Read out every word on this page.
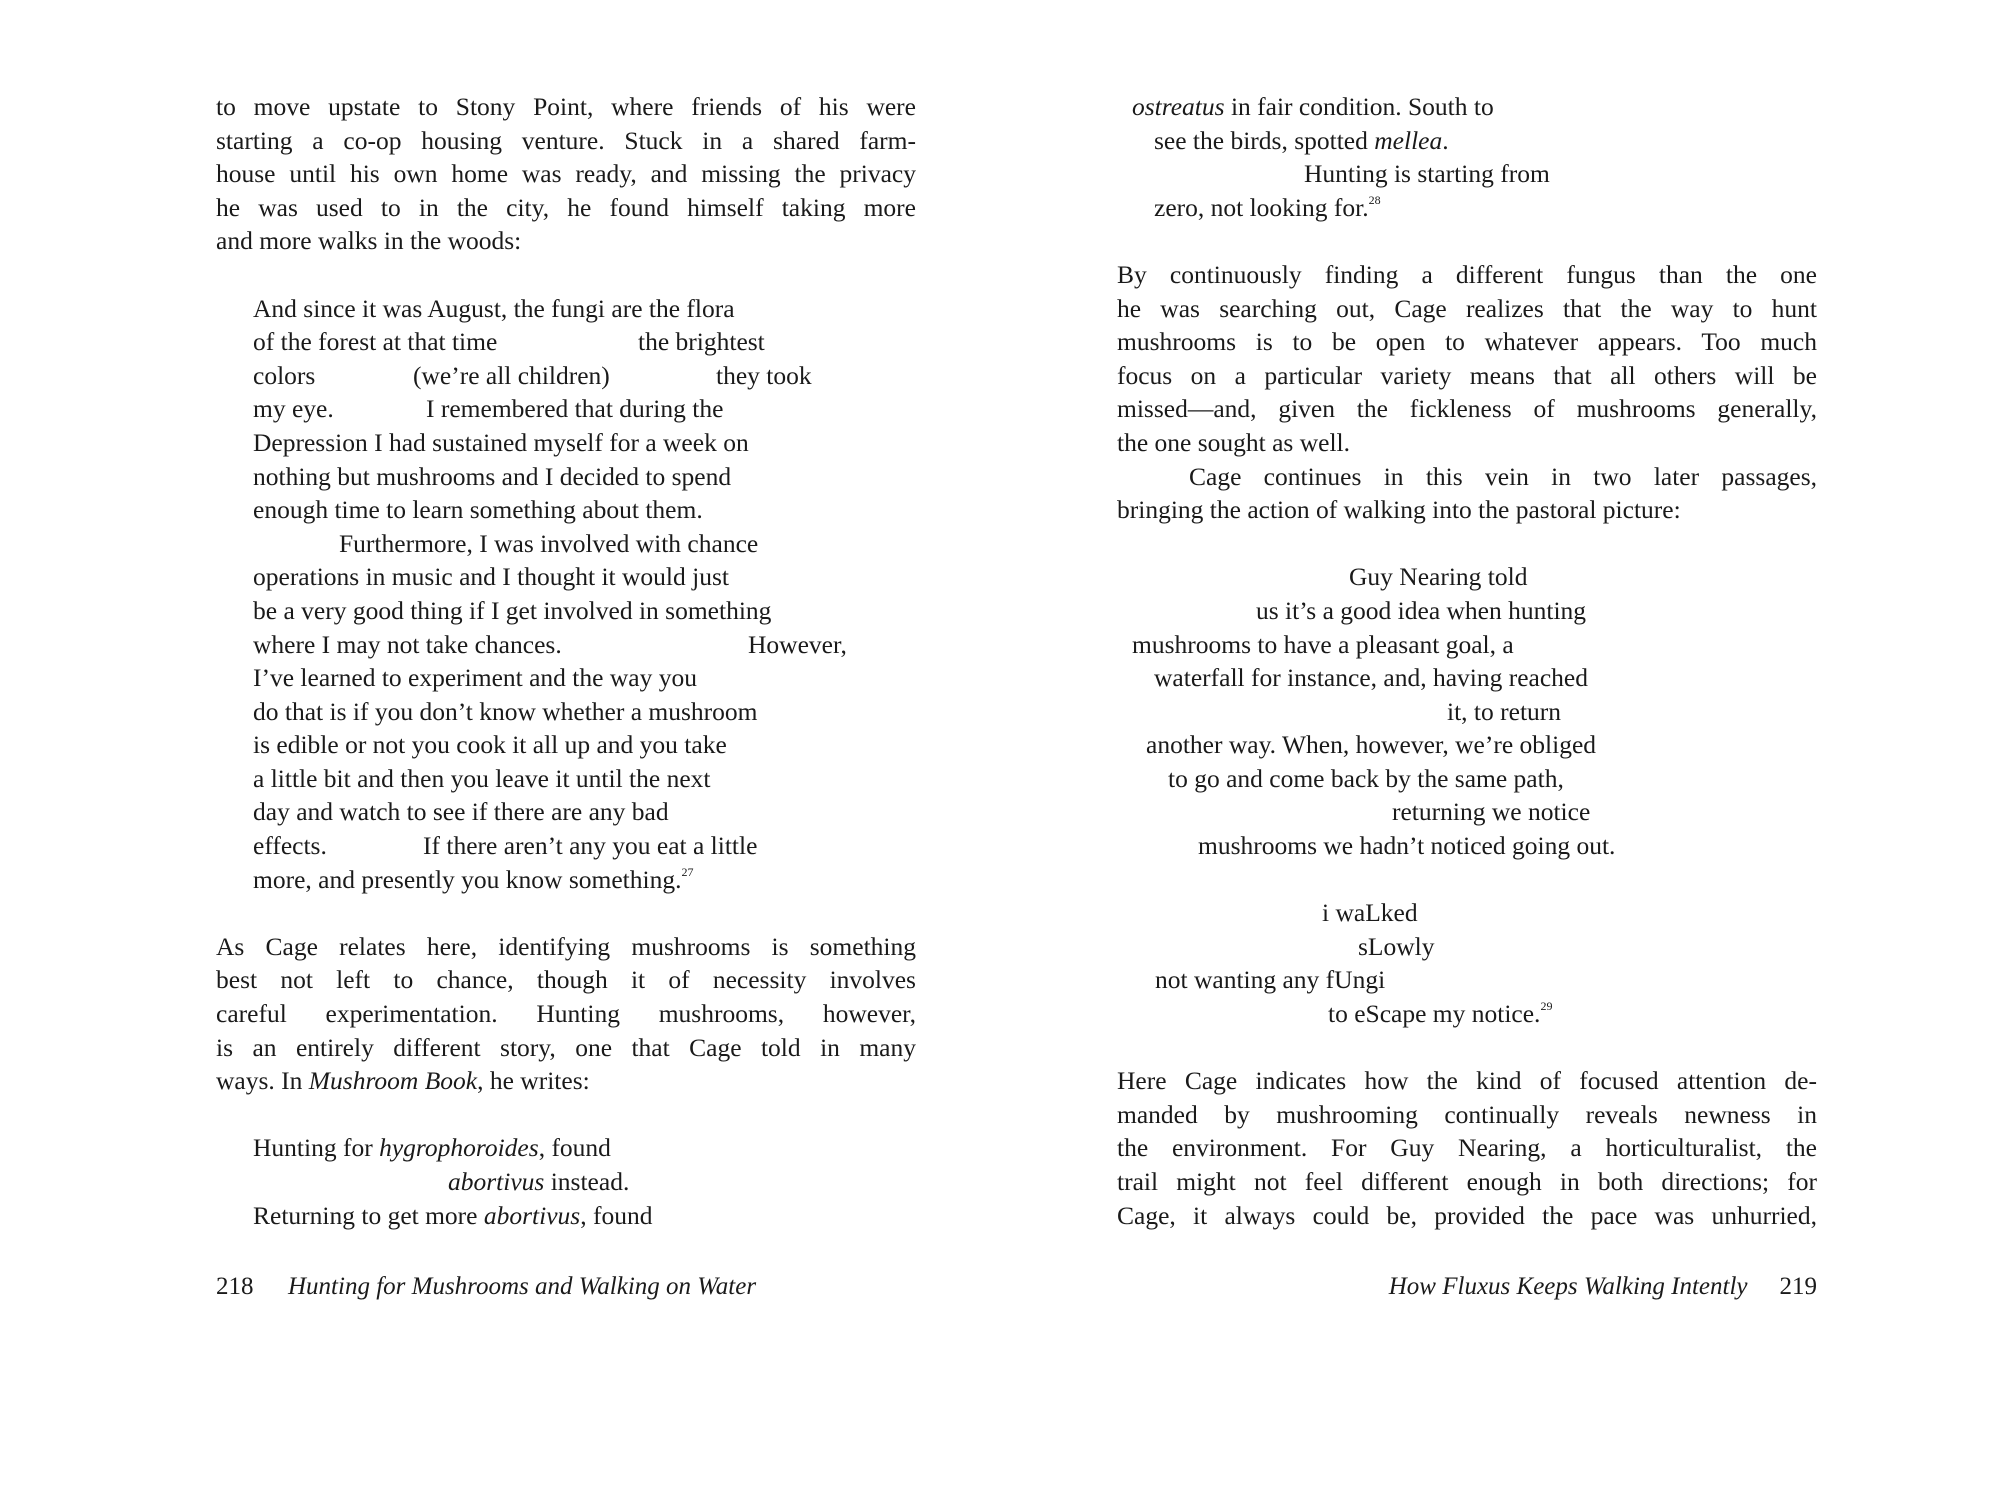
to move upstate to Stony Point, where friends of his were
starting a co-op housing venture. Stuck in a shared farm-
house until his own home was ready, and missing the privacy
he was used to in the city, he found himself taking more
and more walks in the woods:
And since it was August, the fungi are the flora
of the forest at that time	the brightest
colors	(we’re all children)	they took
my eye.	I remembered that during the
Depression I had sustained myself for a week on
nothing but mushrooms and I decided to spend
enough time to learn something about them.
Furthermore, I was involved with chance
operations in music and I thought it would just
be a very good thing if I get involved in something
where I may not take chances.	However,
I’ve learned to experiment and the way you
do that is if you don’t know whether a mushroom
is edible or not you cook it all up and you take
a little bit and then you leave it until the next
day and watch to see if there are any bad
effects.	If there aren’t any you eat a little
more, and presently you know something.$^{27}$
As Cage relates here, identifying mushrooms is something
best not left to chance, though it of necessity involves
careful experimentation. Hunting mushrooms, however,
is an entirely different story, one that Cage told in many
ways. In Mushroom Book, he writes:
Hunting for hygrophoroides, found
abortivus instead.
Returning to get more abortivus, found
218 Hunting for Mushrooms and Walking on Water
ostreatus in fair condition. South to
see the birds, spotted mellea.
Hunting is starting from
zero, not looking for.$^{28}$
By continuously finding a different fungus than the one
he was searching out, Cage realizes that the way to hunt
mushrooms is to be open to whatever appears. Too much
focus on a particular variety means that all others will be
missed—and, given the fickleness of mushrooms generally,
the one sought as well.
Cage continues in this vein in two later passages,
bringing the action of walking into the pastoral picture:
Guy Nearing told
us it’s a good idea when hunting
mushrooms to have a pleasant goal, a
waterfall for instance, and, having reached
it, to return
another way. When, however, we’re obliged
to go and come back by the same path,
returning we notice
mushrooms we hadn’t noticed going out.
i waLked
sLowly
not wanting any fUngi
to eScape my notice.$^{29}$
Here Cage indicates how the kind of focused attention de-
manded by mushrooming continually reveals newness in
the environment. For Guy Nearing, a horticulturalist, the
trail might not feel different enough in both directions; for
Cage, it always could be, provided the pace was unhurried,
How Fluxus Keeps Walking Intently 219
